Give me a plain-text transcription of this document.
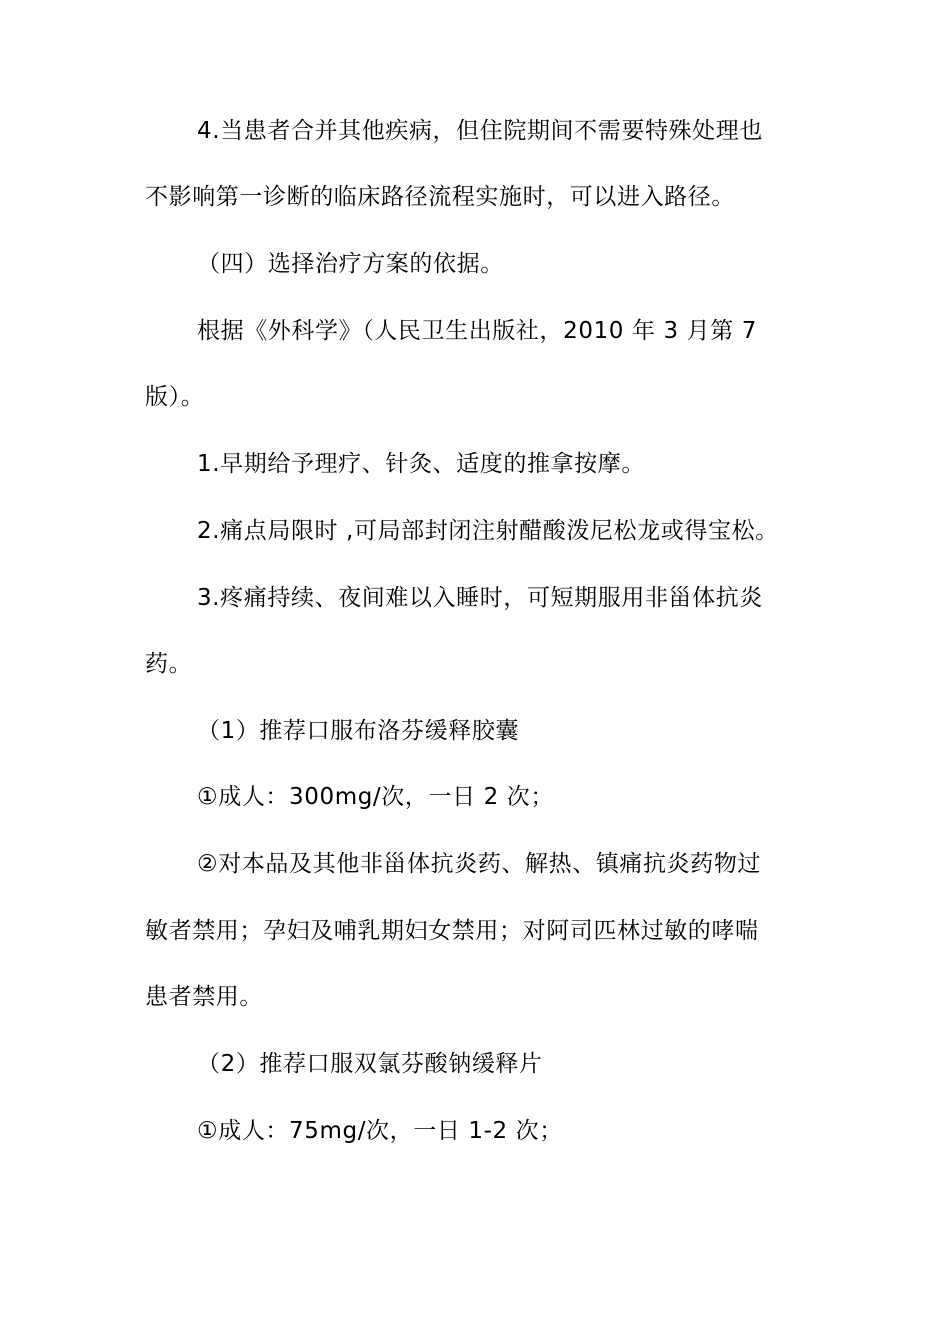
4.当患者合并其他疾病，但住院期间不需要特殊处理也
不影响第一诊断的临床路径流程实施时，可以进入路径。
（四）选择治疗方案的依据。
根据《外科学》（人民卫生出版社，2010 年 3 月第 7
版）。
1.早期给予理疗、针灸、适度的推拿按摩。
2.痛点局限时 ,可局部封闭注射醋酸泼尼松龙或得宝松。
3.疼痛持续、夜间难以入睡时，可短期服用非甾体抗炎
药。
（1）推荐口服布洛芬缓释胶囊
①成人：300mg/次，一日 2 次；
②对本品及其他非甾体抗炎药、解热、镇痛抗炎药物过
敏者禁用；孕妇及哺乳期妇女禁用；对阿司匹林过敏的哮喘
患者禁用。
（2）推荐口服双氯芬酸钠缓释片
①成人：75mg/次，一日 1-2 次；
